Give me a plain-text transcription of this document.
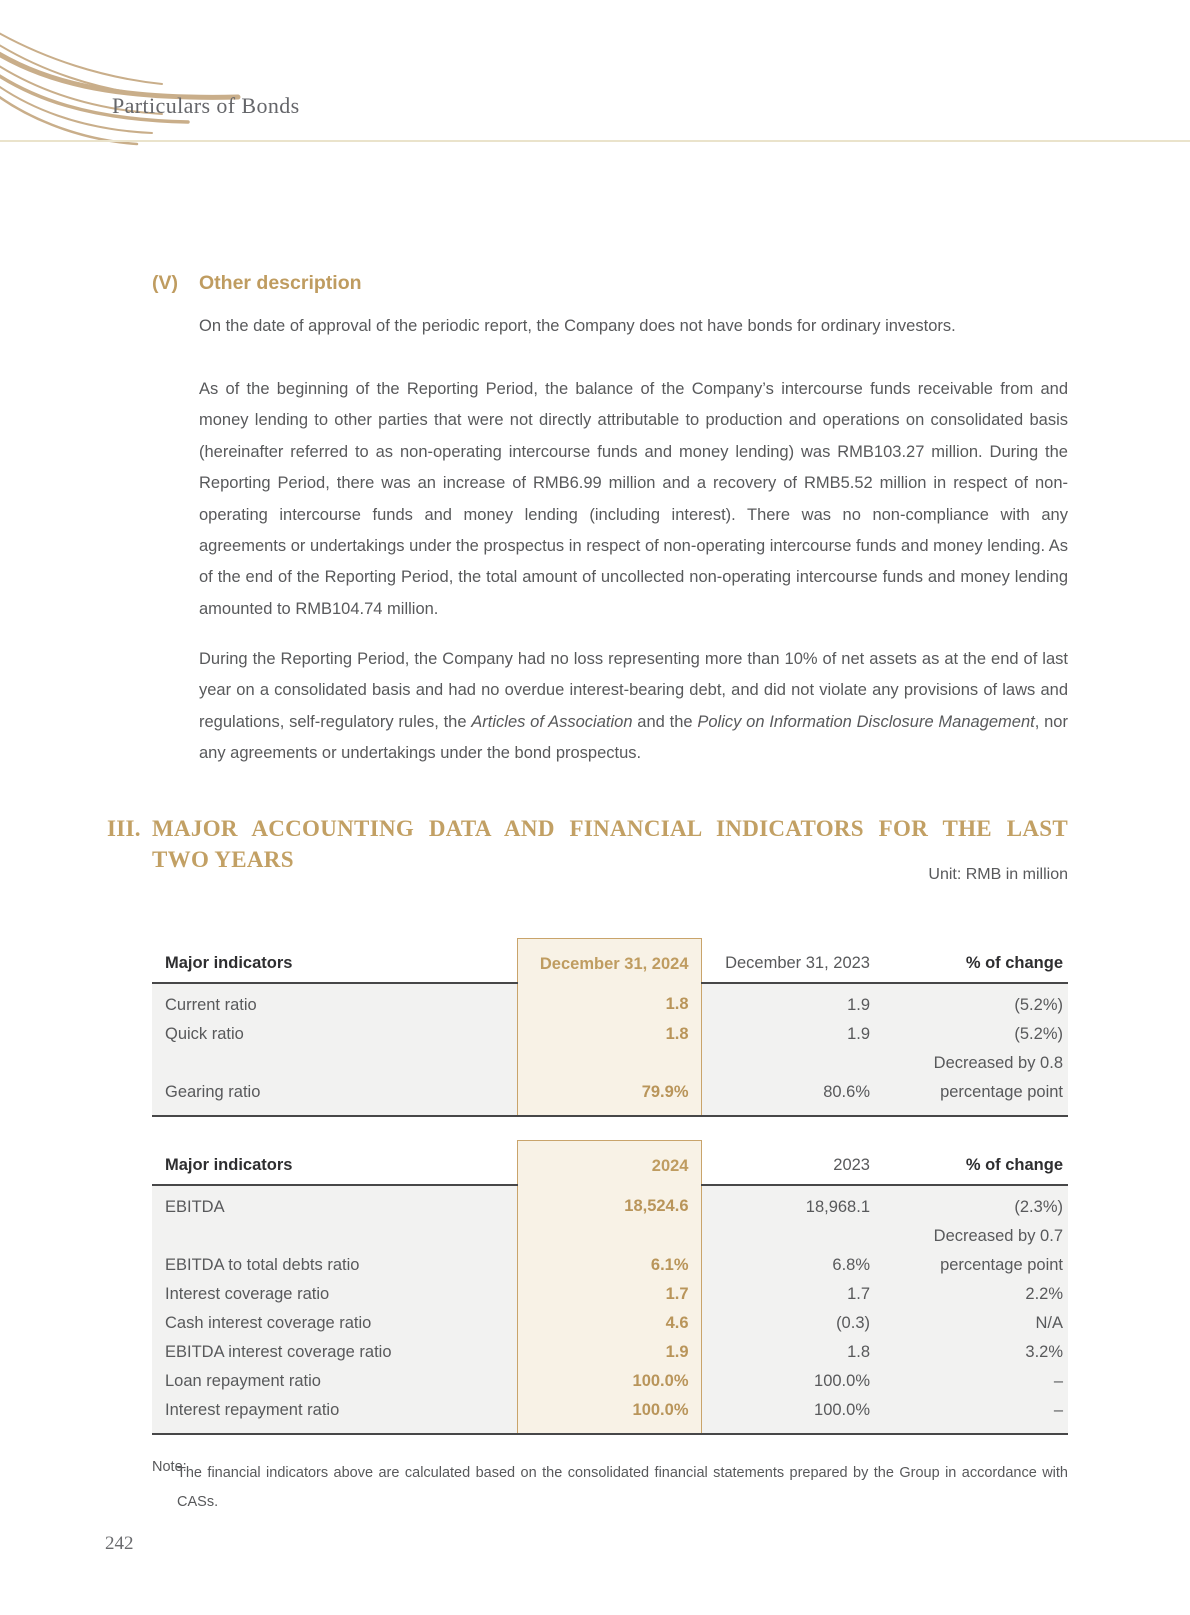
Particulars of Bonds
(V)	Other description

On the date of approval of the periodic report, the Company does not have bonds for ordinary investors.

As of the beginning of the Reporting Period, the balance of the Company’s intercourse funds receivable from and money lending to other parties that were not directly attributable to production and operations on consolidated basis (hereinafter referred to as non-operating intercourse funds and money lending) was RMB103.27 million. During the Reporting Period, there was an increase of RMB6.99 million and a recovery of RMB5.52 million in respect of non-operating intercourse funds and money lending (including interest). There was no non-compliance with any agreements or undertakings under the prospectus in respect of non-operating intercourse funds and money lending. As of the end of the Reporting Period, the total amount of uncollected non-operating intercourse funds and money lending amounted to RMB104.74 million.

During the Reporting Period, the Company had no loss representing more than 10% of net assets as at the end of last year on a consolidated basis and had no overdue interest-bearing debt, and did not violate any provisions of laws and regulations, self-regulatory rules, the Articles of Association and the Policy on Information Disclosure Management, nor any agreements or undertakings under the bond prospectus.

III. MAJOR ACCOUNTING DATA AND FINANCIAL INDICATORS FOR THE LAST
TWO YEARS
Unit: RMB in million
Major indicators	December 31, 2024	December 31, 2023	% of change
Current ratio	1.8	1.9	(5.2%)
Quick ratio	1.8	1.9	(5.2%)
			Decreased by 0.8
Gearing ratio	79.9%	80.6%	percentage point
Major indicators	2024	2023	% of change
EBITDA	18,524.6	18,968.1	(2.3%)
			Decreased by 0.7
EBITDA to total debts ratio	6.1%	6.8%	percentage point
Interest coverage ratio	1.7	1.7	2.2%
Cash interest coverage ratio	4.6	(0.3)	N/A
EBITDA interest coverage ratio	1.9	1.8	3.2%
Loan repayment ratio	100.0%	100.0%	–
Interest repayment ratio	100.0%	100.0%	–
Note:
The financial indicators above are calculated based on the consolidated financial statements prepared by the Group in accordance with CASs.
242
